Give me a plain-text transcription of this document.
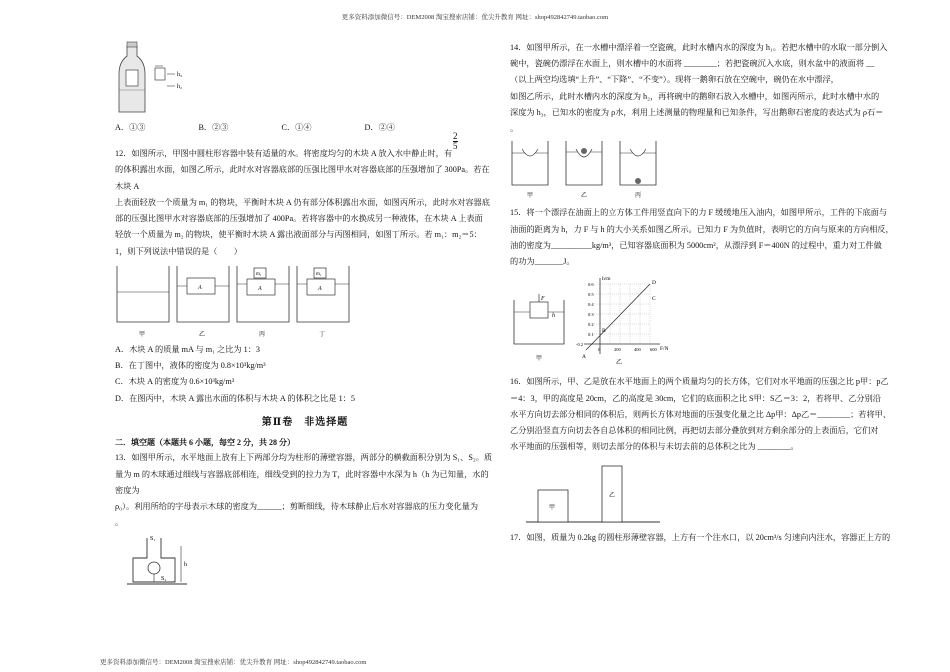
更多资料添加微信号：DEM2008 淘宝搜索店铺：优尖升教育 网址：shop492842749.taobao.com
h₃
h₂
A．①③	B．②③	C．①④	D．②④
$\frac{2}{5}$

12．如图所示，甲图中圆柱形容器中装有适量的水。将密度均匀的木块 A 放入水中静止时，有

的体积露出水面，如图乙所示，此时水对容器底部的压强比图甲水对容器底部的压强增加了 300Pa。若在木块 A

上表面轻放一个质量为 m₁ 的物块，平衡时木块 A 仍有部分体积露出水面，如图丙所示，此时水对容器底

部的压强比图甲水对容器底部的压强增加了 400Pa。若将容器中的水换成另一种液体，在木块 A 上表面

轻放一个质量为 m₂ 的物块，使平衡时木块 A 露出液面部分与丙图相同，如图丁所示。若 m₁：m₂＝5：

1，则下列说法中错误的是（　　）

甲
A
乙
m₁
A
丙
m₁
A
丁

A．木块 A 的质量 mA 与 m₁ 之比为 1：3

B．在丁图中，液体的密度为 0.8×10³kg/m³

C．木块 A 的密度为 0.6×10³kg/m³

D．在图丙中，木块 A 露出水面的体积与木块 A 的体积之比是 1：5

第Ⅱ卷　非选择题
二．填空题（本题共 6 小题，每空 2 分，共 28 分）

13．如图甲所示，水平地面上放有上下两部分均为柱形的薄壁容器，两部分的横截面积分别为 S₁、S₂。质

量为 m 的木球通过细线与容器底部相连，细线受到的拉力为 T，此时容器中水深为 h（h 为已知量，水的密度为

ρ₀）。利用所给的字母表示木球的密度为______；剪断细线，待木球静止后水对容器底的压力变化量为

。

S₁
S₂
h

14．如图甲所示，在一水槽中漂浮着一空瓷碗，此时水槽内水的深度为 h₁。若把水槽中的水取一部分倒入

碗中，瓷碗仍漂浮在水面上，则水槽中的水面将 ________；若把瓷碗沉入水底，则水盆中的液面将 __

（以上两空均选填“上升”、“下降”、“不变”）。现将一鹅卵石放在空碗中，碗仍在水中漂浮，

如图乙所示，此时水槽内水的深度为 h₂，再将碗中的鹅卵石放入水槽中，如图丙所示，此时水槽中水的

深度为 h₃，已知水的密度为 ρ水，利用上述测量的物理量和已知条件，写出鹅卵石密度的表达式为 ρ石＝

。

甲	乙	丙

15．将一个漂浮在油面上的立方体工件用竖直向下的力 F 缓缓地压入油内，如图甲所示，工件的下底面与

油面的距离为 h，力 F 与 h 的大小关系如图乙所示。已知力 F 为负值时，表明它的方向与原来的方向相反，

油的密度为__________kg/m³，已知容器底面积为 5000cm²，从漂浮到 F＝400N 的过程中，重力对工件做

的功为_______J。

F
h
甲
h/m
F/N
0.6
0.5
0.4
0.3
0.2
0.1
0	200	400 600
-0.2
A
B
C
D
乙

16．如图所示，甲、乙是放在水平地面上的两个质量均匀的长方体，它们对水平地面的压强之比 p甲：p乙

＝4：3，甲的高度是 20cm，乙的高度是 30cm，它们的底面积之比 S甲：S乙＝3：2，若将甲、乙分别沿

水平方向切去部分相同的体积后，则两长方体对地面的压强变化量之比 Δp甲：Δp乙＝________；若将甲、

乙分别沿竖直方向切去各自总体积的相同比例，再把切去部分叠放到对方剩余部分的上表面后，它们对

水平地面的压强相等，则切去部分的体积与未切去前的总体积之比为 ________。

甲
乙

17．如图，质量为 0.2kg 的圆柱形薄壁容器，上方有一个注水口，以 20cm³/s 匀速向内注水，容器正上方的

更多资料添加微信号：DEM2008 淘宝搜索店铺：优尖升教育 网址：shop492842749.taobao.com
